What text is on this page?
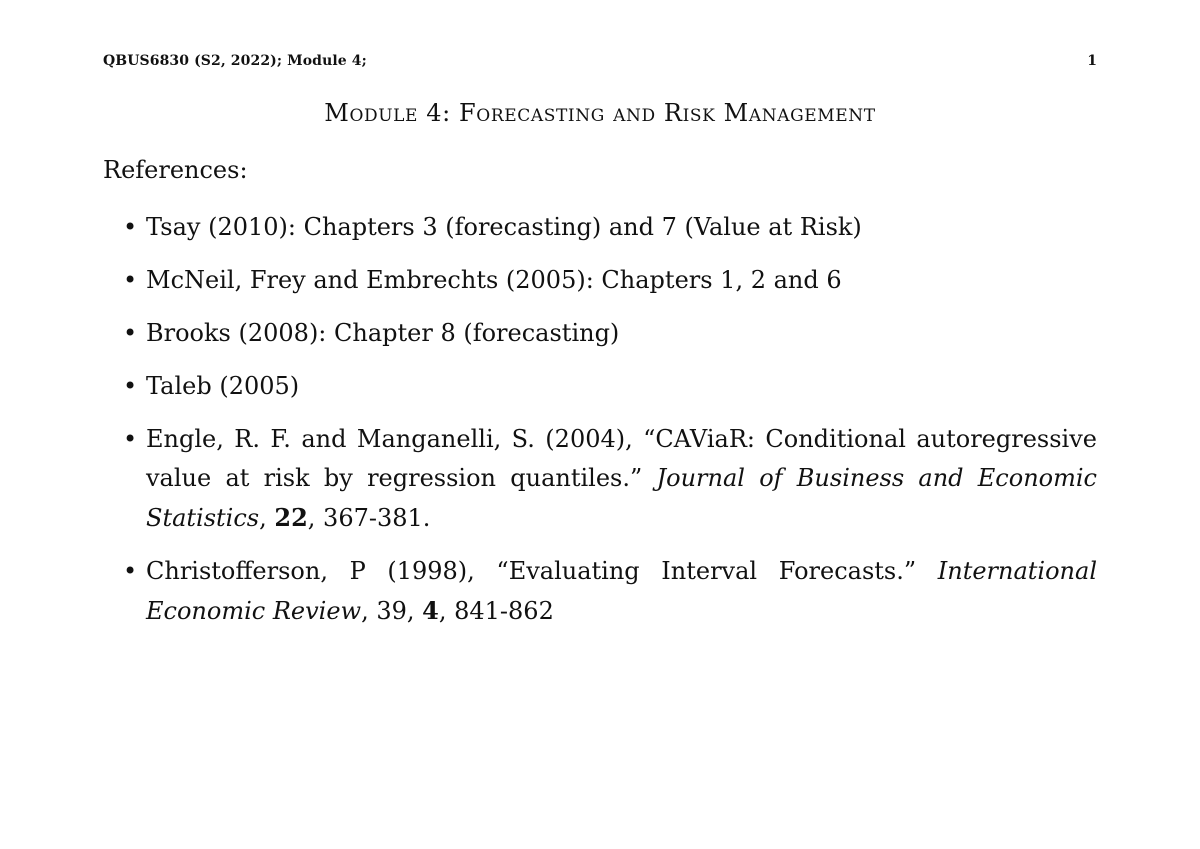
QBUS6830 (S2, 2022); Module 4;	1
Module 4: Forecasting and Risk Management
References:
• Tsay (2010): Chapters 3 (forecasting) and 7 (Value at Risk)
• McNeil, Frey and Embrechts (2005): Chapters 1, 2 and 6
• Brooks (2008): Chapter 8 (forecasting)
• Taleb (2005)
• Engle, R. F. and Manganelli, S. (2004), “CAViaR: Conditional autoregressive value at risk by regression quantiles.” Journal of Business and Economic Statistics, 22, 367-381.
• Christofferson, P (1998), “Evaluating Interval Forecasts.” International Economic Review, 39, 4, 841-862
